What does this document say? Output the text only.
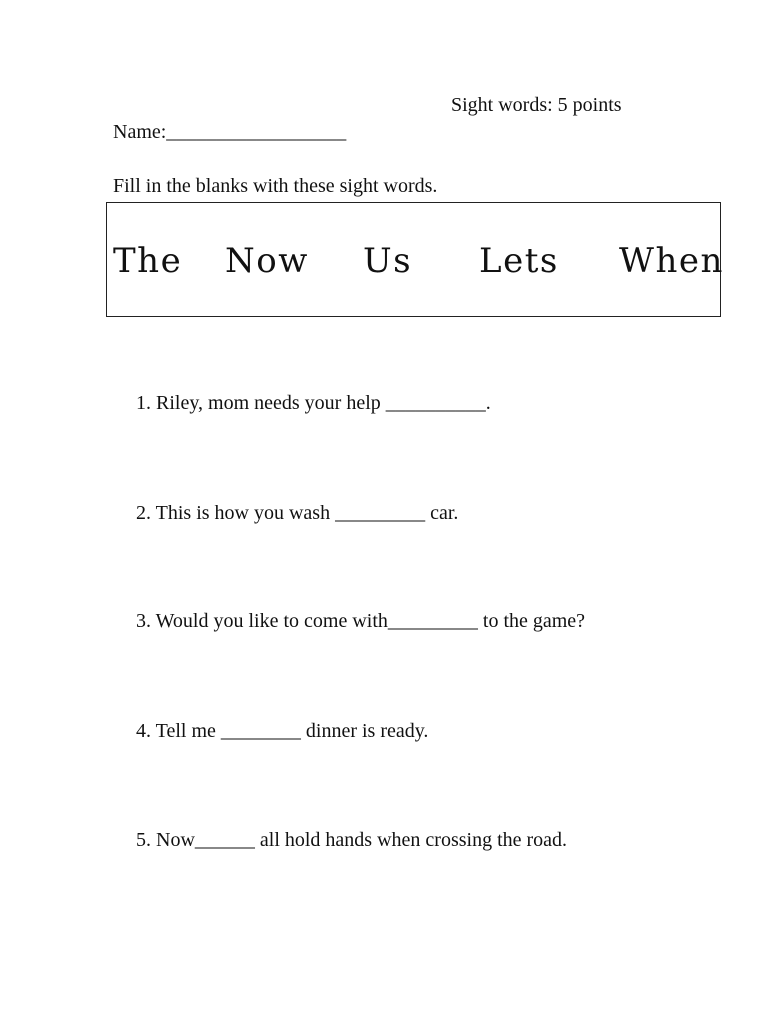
Sight words: 5 points
Name:__________________
Fill in the blanks with these sight words.
The Now Us Lets When
1. Riley, mom needs your help __________.
2. This is how you wash _________ car.
3. Would you like to come with_________ to the game?
4. Tell me ________ dinner is ready.
5. Now______ all hold hands when crossing the road.
